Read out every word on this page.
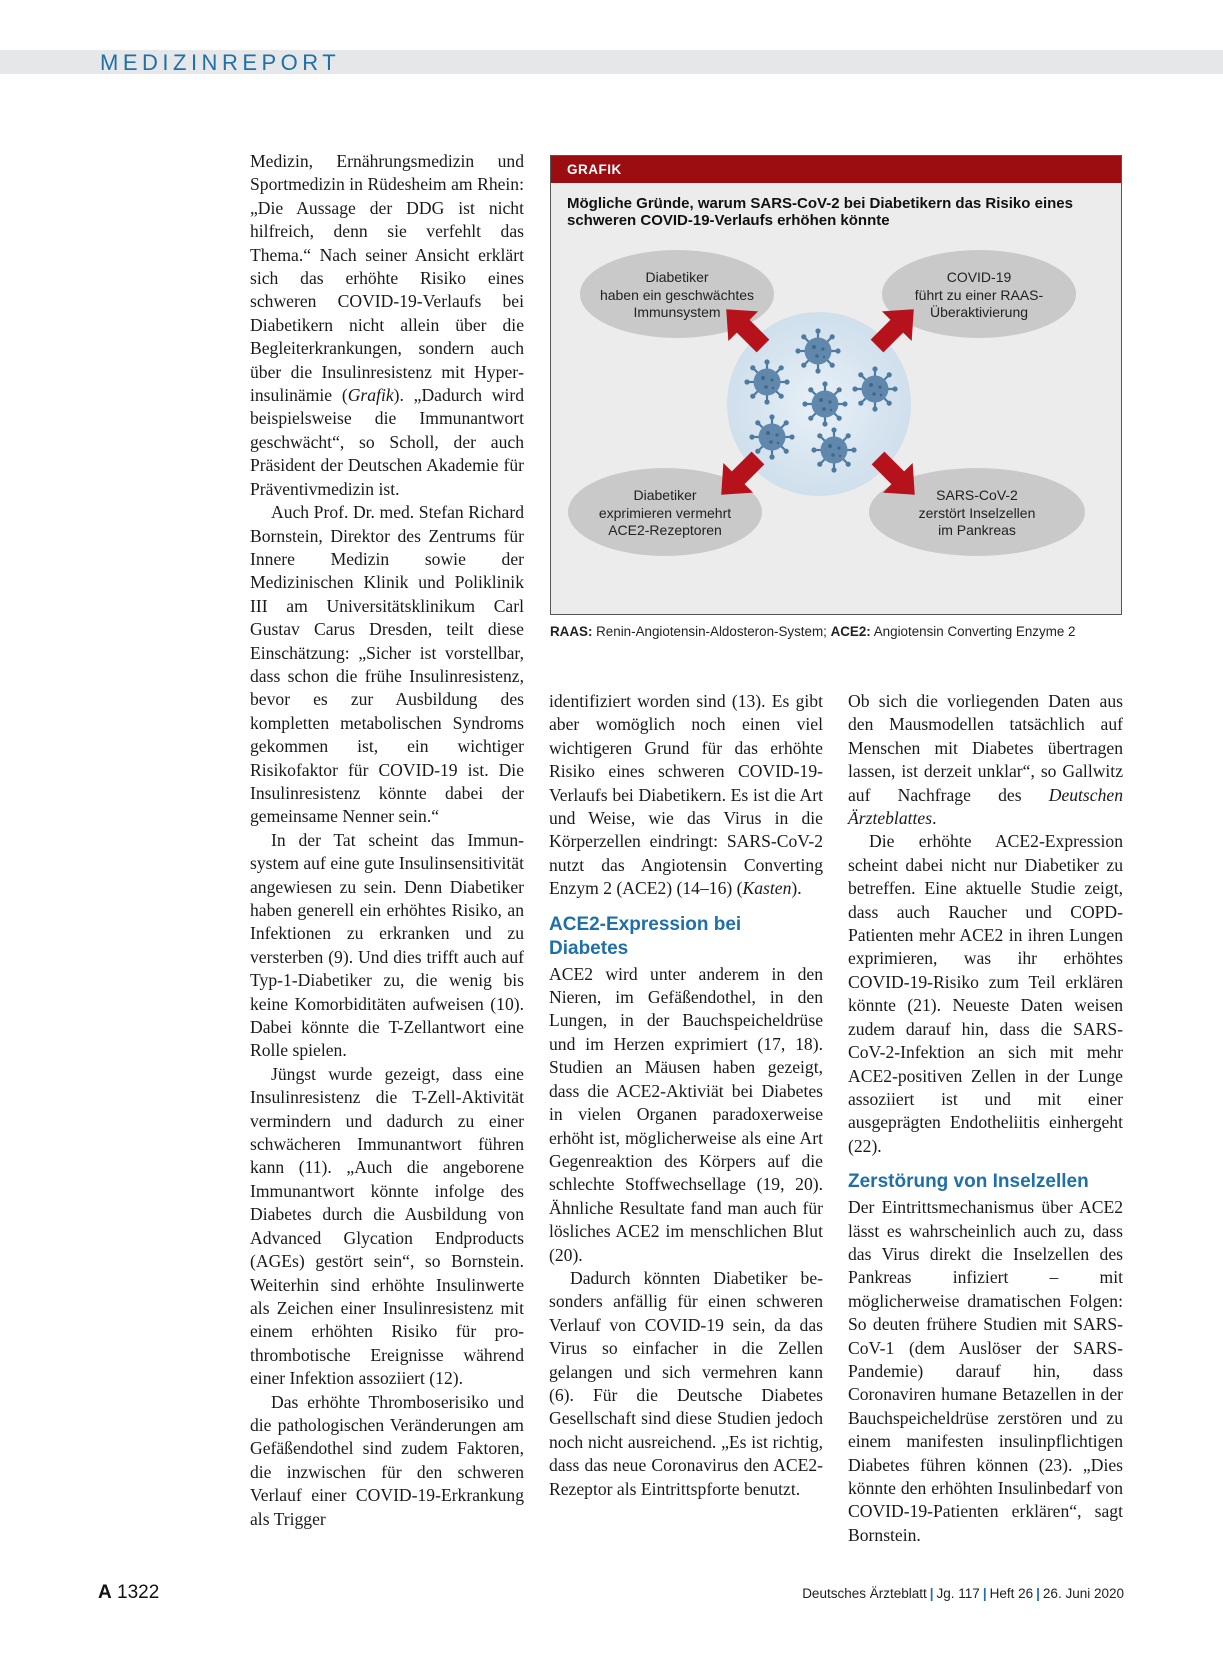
MEDIZINREPORT

Medizin, Ernährungsmedizin und Sportmedizin in Rüdesheim am Rhein: „Die Aussage der DDG ist nicht hilfreich, denn sie verfehlt das Thema.“ Nach seiner Ansicht erklärt sich das erhöhte Risiko eines schweren COVID-19-Verlaufs bei Diabetikern nicht allein über die Begleiterkrankungen, sondern auch über die Insulinresistenz mit Hyperinsulinämie (Grafik). „Dadurch wird beispielsweise die Immunantwort geschwächt“, so Scholl, der auch Präsident der Deutschen Akademie für Präventivmedizin ist.

Auch Prof. Dr. med. Stefan Richard Bornstein, Direktor des Zentrums für Innere Medizin sowie der Medizinischen Klinik und Poliklinik III am Universitätsklinikum Carl Gustav Carus Dresden, teilt diese Einschätzung: „Sicher ist vorstellbar, dass schon die frühe Insulinresistenz, bevor es zur Ausbildung des kompletten metabolischen Syndroms gekommen ist, ein wichtiger Risikofaktor für COVID-19 ist. Die Insulinresistenz könnte dabei der gemeinsame Nenner sein.“

In der Tat scheint das Immunsystem auf eine gute Insulinsensitivität angewiesen zu sein. Denn Diabetiker haben generell ein erhöhtes Risiko, an Infektionen zu erkranken und zu versterben (9). Und dies trifft auch auf Typ-1-Diabetiker zu, die wenig bis keine Komorbiditäten aufweisen (10). Dabei könnte die T-Zellantwort eine Rolle spielen.

Jüngst wurde gezeigt, dass eine Insulinresistenz die T-Zell-Aktivität vermindern und dadurch zu einer schwächeren Immunantwort führen kann (11). „Auch die angeborene Immunantwort könnte infolge des Diabetes durch die Ausbildung von Advanced Glycation Endproducts (AGEs) gestört sein“, so Bornstein. Weiterhin sind erhöhte Insulinwerte als Zeichen einer Insulinresistenz mit einem erhöhten Risiko für prothrombotische Ereignisse während einer Infektion assoziiert (12).

Das erhöhte Thromboserisiko und die pathologischen Veränderungen am Gefäßendothel sind zudem Faktoren, die inzwischen für den schweren Verlauf einer COVID-19-Erkrankung als Trigger

GRAFIK
Mögliche Gründe, warum SARS-CoV-2 bei Diabetikern das Risiko eines schweren COVID-19-Verlaufs erhöhen könnte
Diabetiker
haben ein geschwächtes
Immunsystem
COVID-19
führt zu einer RAAS-
Überaktivierung
Diabetiker
exprimieren vermehrt
ACE2-Rezeptoren
SARS-CoV-2
zerstört Inselzellen
im Pankreas
RAAS: Renin-Angiotensin-Aldosteron-System; ACE2: Angiotensin Converting Enzyme 2

identifiziert worden sind (13). Es gibt aber womöglich noch einen viel wichtigeren Grund für das erhöhte Risiko eines schweren COVID-19-Verlaufs bei Diabetikern. Es ist die Art und Weise, wie das Virus in die Körperzellen eindringt: SARS-CoV-2 nutzt das Angiotensin Converting Enzym 2 (ACE2) (14–16) (Kasten).

ACE2-Expression bei Diabetes

ACE2 wird unter anderem in den Nieren, im Gefäßendothel, in den Lungen, in der Bauchspeicheldrüse und im Herzen exprimiert (17, 18). Studien an Mäusen haben gezeigt, dass die ACE2-Aktiviät bei Diabetes in vielen Organen paradoxerweise erhöht ist, möglicherweise als eine Art Gegenreaktion des Körpers auf die schlechte Stoffwechsellage (19, 20). Ähnliche Resultate fand man auch für lösliches ACE2 im menschlichen Blut (20).

Dadurch könnten Diabetiker besonders anfällig für einen schweren Verlauf von COVID-19 sein, da das Virus so einfacher in die Zellen gelangen und sich vermehren kann (6). Für die Deutsche Diabetes Gesellschaft sind diese Studien jedoch noch nicht ausreichend. „Es ist richtig, dass das neue Coronavirus den ACE2-Rezeptor als Eintrittspforte benutzt.

Ob sich die vorliegenden Daten aus den Mausmodellen tatsächlich auf Menschen mit Diabetes übertragen lassen, ist derzeit unklar“, so Gallwitz auf Nachfrage des Deutschen Ärzteblattes.

Die erhöhte ACE2-Expression scheint dabei nicht nur Diabetiker zu betreffen. Eine aktuelle Studie zeigt, dass auch Raucher und COPD-Patienten mehr ACE2 in ihren Lungen exprimieren, was ihr erhöhtes COVID-19-Risiko zum Teil erklären könnte (21). Neueste Daten weisen zudem darauf hin, dass die SARS-CoV-2-Infektion an sich mit mehr ACE2-positiven Zellen in der Lunge assoziiert ist und mit einer ausgeprägten Endotheliitis einhergeht (22).

Zerstörung von Inselzellen

Der Eintrittsmechanismus über ACE2 lässt es wahrscheinlich auch zu, dass das Virus direkt die Inselzellen des Pankreas infiziert – mit möglicherweise dramatischen Folgen: So deuten frühere Studien mit SARS-CoV-1 (dem Auslöser der SARS-Pandemie) darauf hin, dass Coronaviren humane Betazellen in der Bauchspeicheldrüse zerstören und zu einem manifesten insulinpflichtigen Diabetes führen können (23). „Dies könnte den erhöhten Insulinbedarf von COVID-19-Patienten erklären“, sagt Bornstein.

A 1322	Deutsches Ärzteblatt | Jg. 117 | Heft 26 | 26. Juni 2020
